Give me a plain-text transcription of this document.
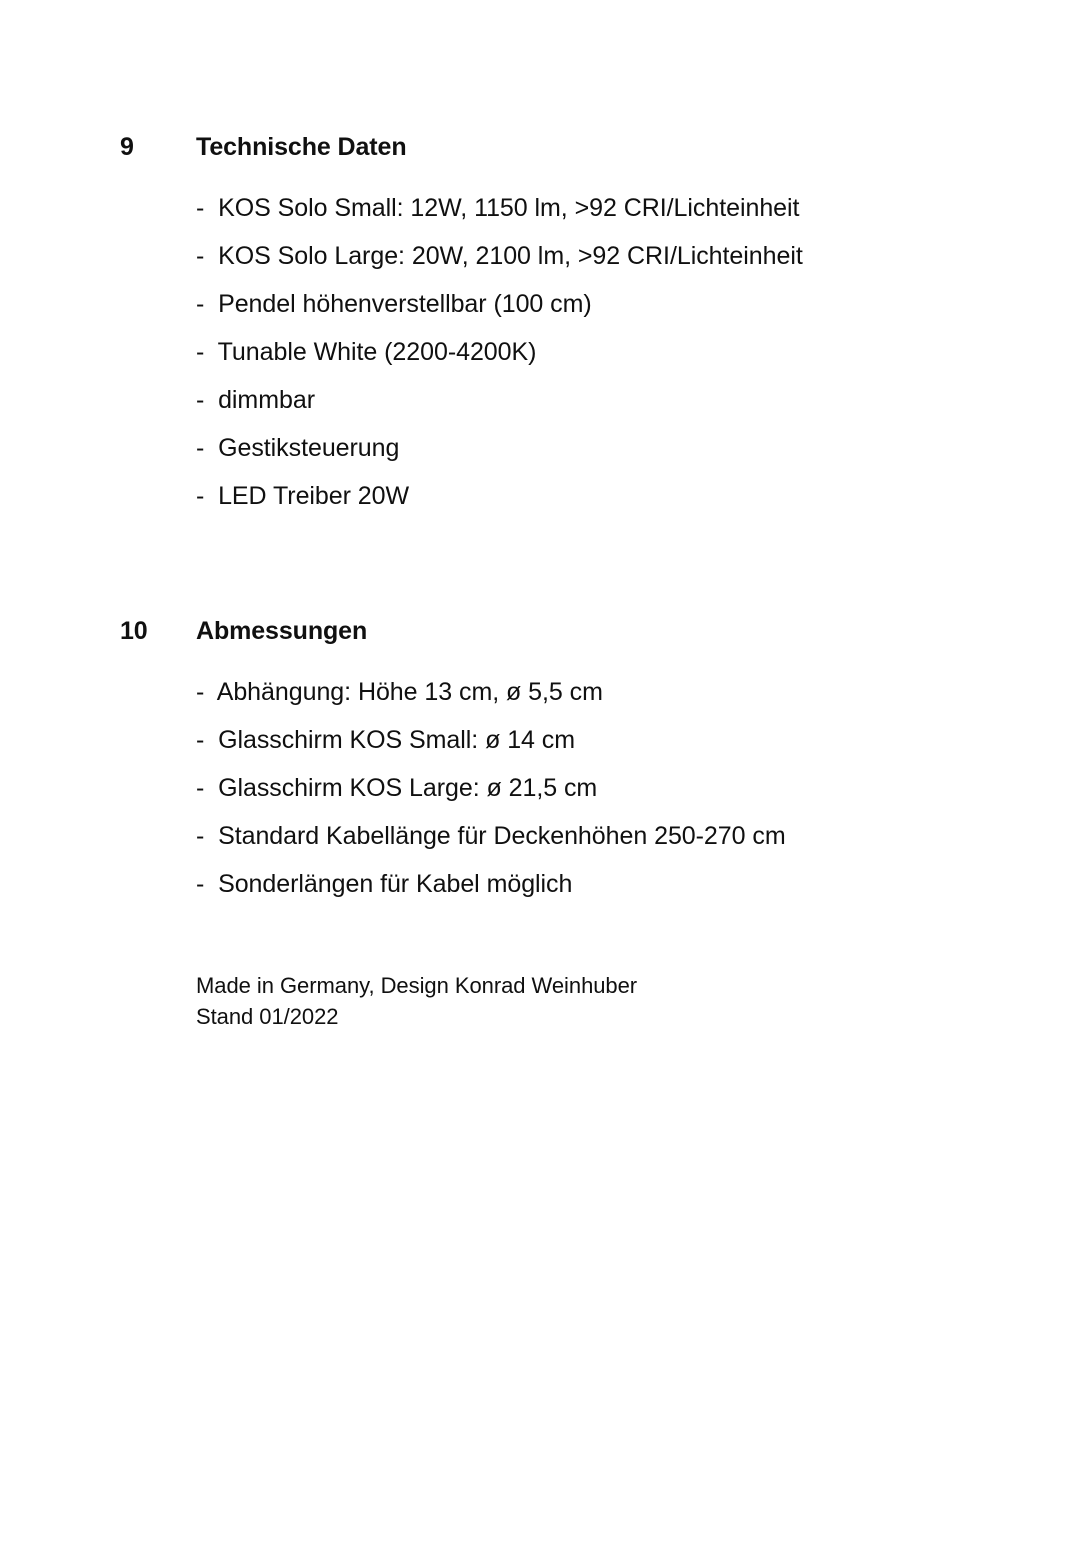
9	Technische Daten
-  KOS Solo Small: 12W, 1150 lm, >92 CRI/Lichteinheit
-  KOS Solo Large: 20W, 2100 lm, >92 CRI/Lichteinheit
-  Pendel höhenverstellbar (100 cm)
-  Tunable White (2200-4200K)
-  dimmbar
-  Gestiksteuerung
-  LED Treiber 20W
10	Abmessungen
-  Abhängung: Höhe 13 cm, ø 5,5 cm
-  Glasschirm KOS Small: ø 14 cm
-  Glasschirm KOS Large: ø 21,5 cm
-  Standard Kabellänge für Deckenhöhen 250-270 cm
-  Sonderlängen für Kabel möglich
Made in Germany, Design Konrad Weinhuber
Stand 01/2022
